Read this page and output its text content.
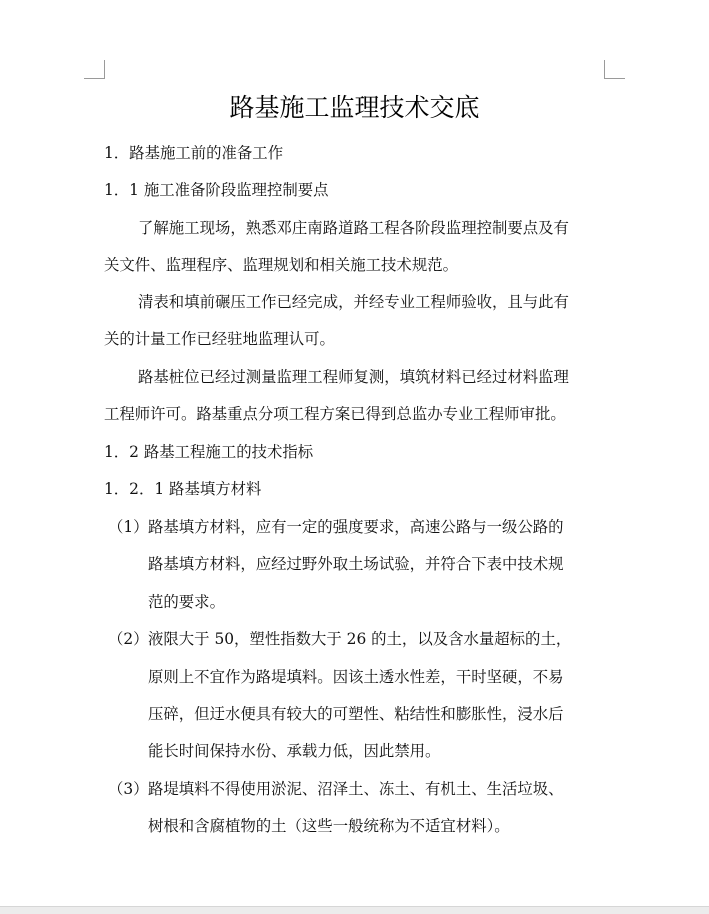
路基施工监理技术交底
1．路基施工前的准备工作
1．1 施工准备阶段监理控制要点
了解施工现场，熟悉邓庄南路道路工程各阶段监理控制要点及有
关文件、监理程序、监理规划和相关施工技术规范。
清表和填前碾压工作已经完成，并经专业工程师验收，且与此有
关的计量工作已经驻地监理认可。
路基桩位已经过测量监理工程师复测，填筑材料已经过材料监理
工程师许可。路基重点分项工程方案已得到总监办专业工程师审批。
1．2 路基工程施工的技术指标
1．2．1 路基填方材料
（1） 路基填方材料，应有一定的强度要求，高速公路与一级公路的
路基填方材料，应经过野外取土场试验，并符合下表中技术规
范的要求。
（2） 液限大于 50，塑性指数大于 26 的土，以及含水量超标的土，
原则上不宜作为路堤填料。因该土透水性差，干时坚硬，不易
压碎，但迂水便具有较大的可塑性、粘结性和膨胀性，浸水后
能长时间保持水份、承载力低，因此禁用。
（3） 路堤填料不得使用淤泥、沼泽土、冻土、有机土、生活垃圾、
树根和含腐植物的土（这些一般统称为不适宜材料）。
